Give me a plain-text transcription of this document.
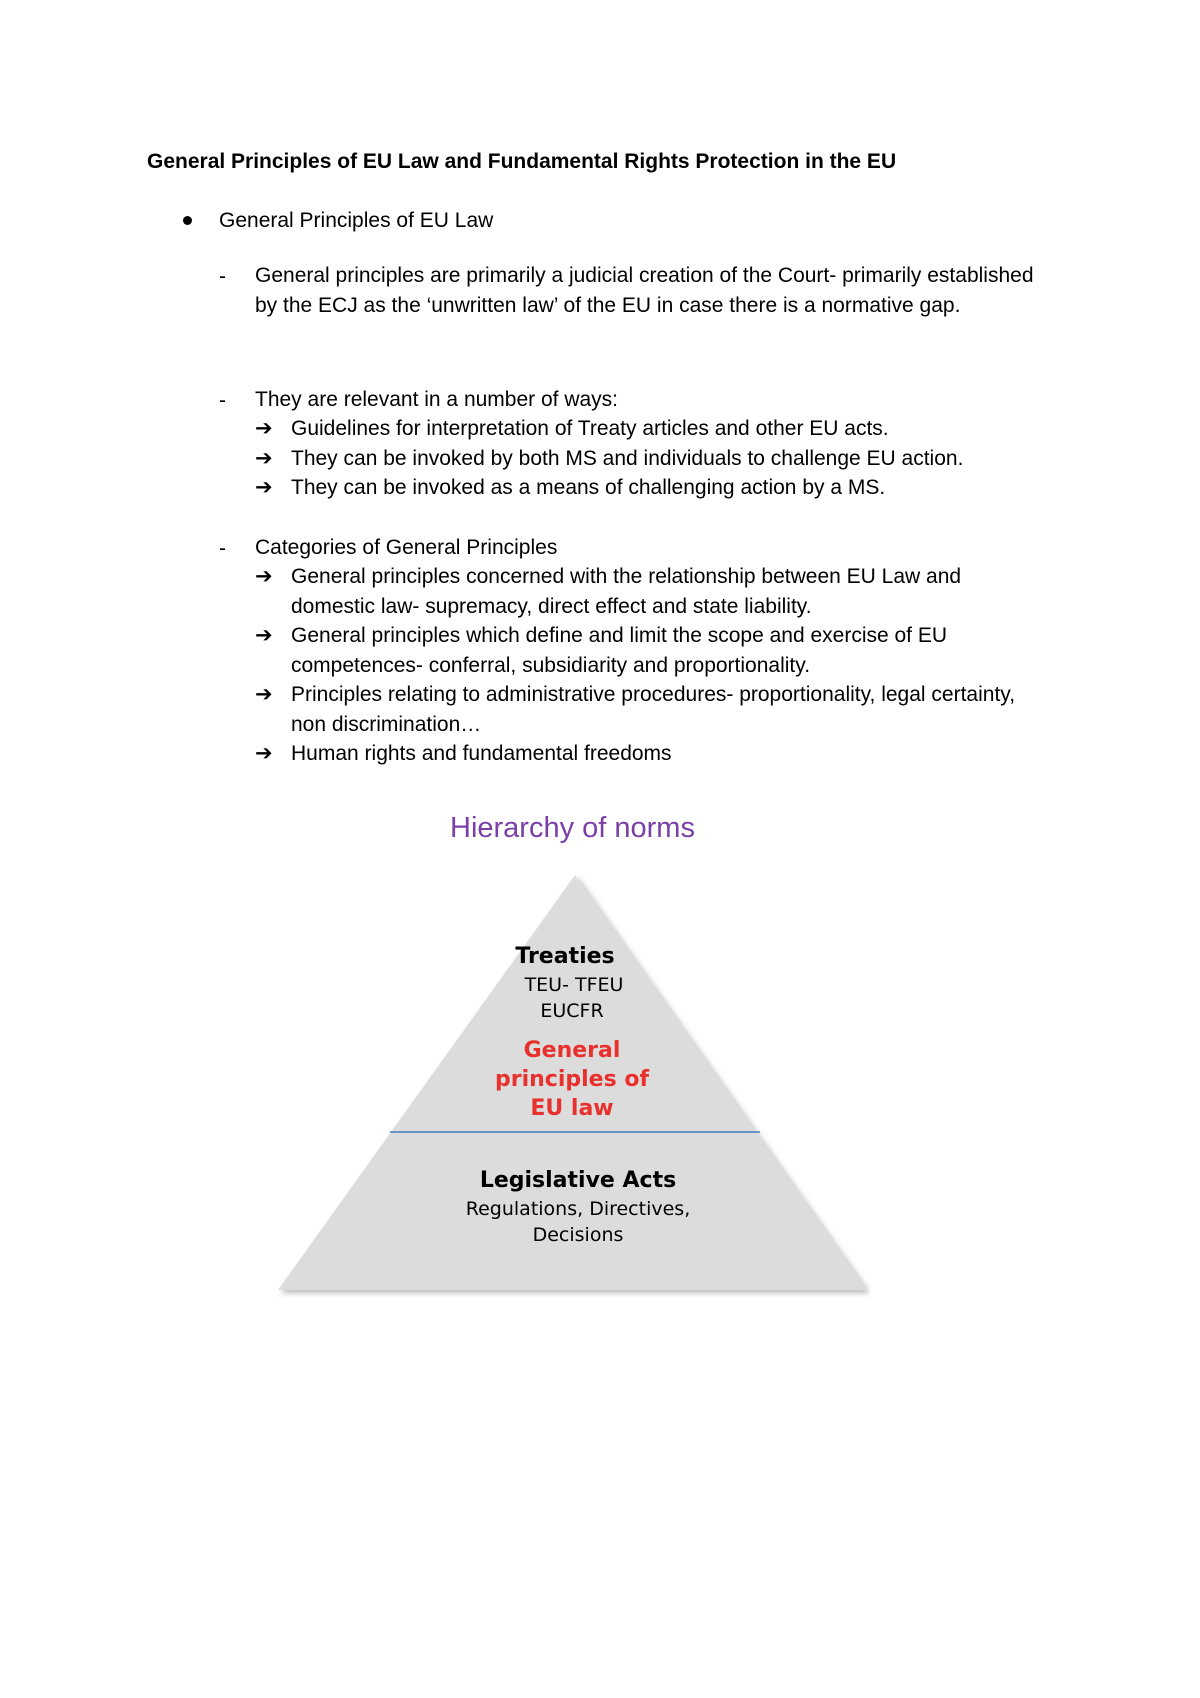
General Principles of EU Law and Fundamental Rights Protection in the EU
General Principles of EU Law
- General principles are primarily a judicial creation of the Court- primarily established by the ECJ as the ‘unwritten law’ of the EU in case there is a normative gap.
- They are relevant in a number of ways:
➔ Guidelines for interpretation of Treaty articles and other EU acts.
➔ They can be invoked by both MS and individuals to challenge EU action.
➔ They can be invoked as a means of challenging action by a MS.
- Categories of General Principles
➔ General principles concerned with the relationship between EU Law and domestic law- supremacy, direct effect and state liability.
➔ General principles which define and limit the scope and exercise of EU competences- conferral, subsidiarity and proportionality.
➔ Principles relating to administrative procedures- proportionality, legal certainty, non discrimination…
➔ Human rights and fundamental freedoms
Hierarchy of norms
Treaties
TEU- TFEU
EUCFR
General
principles of
EU law
Legislative Acts
Regulations, Directives,
Decisions
